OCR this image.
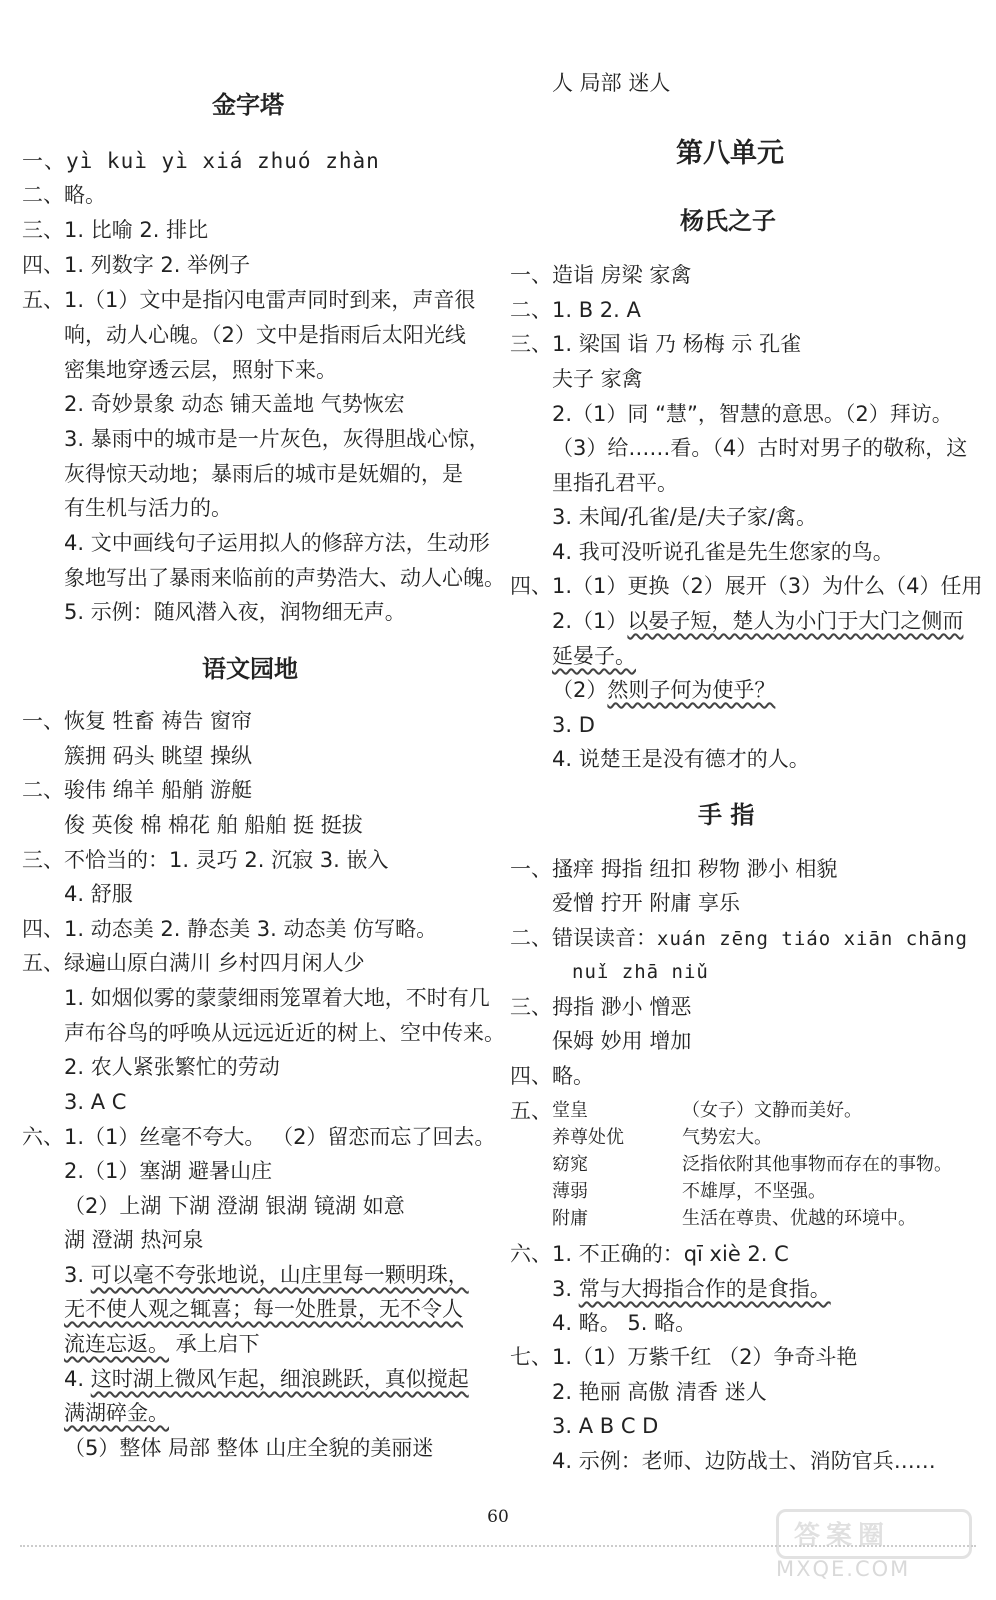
金字塔
一、yì kuì yì xiá zhuó zhàn
二、略。
三、1. 比喻 2. 排比
四、1. 列数字 2. 举例子
五、1.（1）文中是指闪电雷声同时到来，声音很
响，动人心魄。（2）文中是指雨后太阳光线
密集地穿透云层，照射下来。
2. 奇妙景象 动态 铺天盖地 气势恢宏
3. 暴雨中的城市是一片灰色，灰得胆战心惊，
灰得惊天动地；暴雨后的城市是妩媚的，是
有生机与活力的。
4. 文中画线句子运用拟人的修辞方法，生动形
象地写出了暴雨来临前的声势浩大、动人心魄。
5. 示例：随风潜入夜，润物细无声。
语文园地
一、恢复 牲畜 祷告 窗帘
簇拥 码头 眺望 操纵
二、骏伟 绵羊 船艄 游艇
俊 英俊 棉 棉花 舶 船舶 挺 挺拔
三、不恰当的：1. 灵巧 2. 沉寂 3. 嵌入
4. 舒服
四、1. 动态美 2. 静态美 3. 动态美 仿写略。
五、绿遍山原白满川 乡村四月闲人少
1. 如烟似雾的蒙蒙细雨笼罩着大地，不时有几
声布谷鸟的呼唤从远远近近的树上、空中传来。
2. 农人紧张繁忙的劳动
3. A C
六、1.（1）丝毫不夸大。 （2）留恋而忘了回去。
2.（1）塞湖 避暑山庄
（2）上湖 下湖 澄湖 银湖 镜湖 如意
湖 澄湖 热河泉
3. 可以毫不夸张地说，山庄里每一颗明珠，
无不使人观之辄喜；每一处胜景，无不令人
流连忘返。 承上启下
4. 这时湖上微风乍起，细浪跳跃，真似搅起
满湖碎金。
（5）整体 局部 整体 山庄全貌的美丽迷
人 局部 迷人
第八单元
杨氏之子
一、造诣 房梁 家禽
二、1. B 2. A
三、1. 梁国 诣 乃 杨梅 示 孔雀
夫子 家禽
2.（1）同 “慧”，智慧的意思。（2）拜访。
（3）给……看。（4）古时对男子的敬称，这
里指孔君平。
3. 未闻/孔雀/是/夫子家/禽。
4. 我可没听说孔雀是先生您家的鸟。
四、1.（1）更换（2）展开（3）为什么（4）任用
2.（1）以晏子短，楚人为小门于大门之侧而
延晏子。
（2）然则子何为使乎？
3. D
4. 说楚王是没有德才的人。
手 指
一、搔痒 拇指 纽扣 秽物 渺小 相貌
爱憎 拧开 附庸 享乐
二、错误读音：xuán zēng tiáo xiān chāng
nuǐ zhā niǔ
三、拇指 渺小 憎恶
保姆 妙用 增加
四、略。
五、 堂皇	（女子）文静而美好。
养尊处优	气势宏大。
窈窕	泛指依附其他事物而存在的事物。
薄弱	不雄厚，不坚强。
附庸	生活在尊贵、优越的环境中。
六、1. 不正确的：qī xiè 2. C
3. 常与大拇指合作的是食指。
4. 略。 5. 略。
七、1.（1）万紫千红 （2）争奇斗艳
2. 艳丽 高傲 清香 迷人
3. A B C D
4. 示例：老师、边防战士、消防官兵……
60
答案圈
MXQE.COM
